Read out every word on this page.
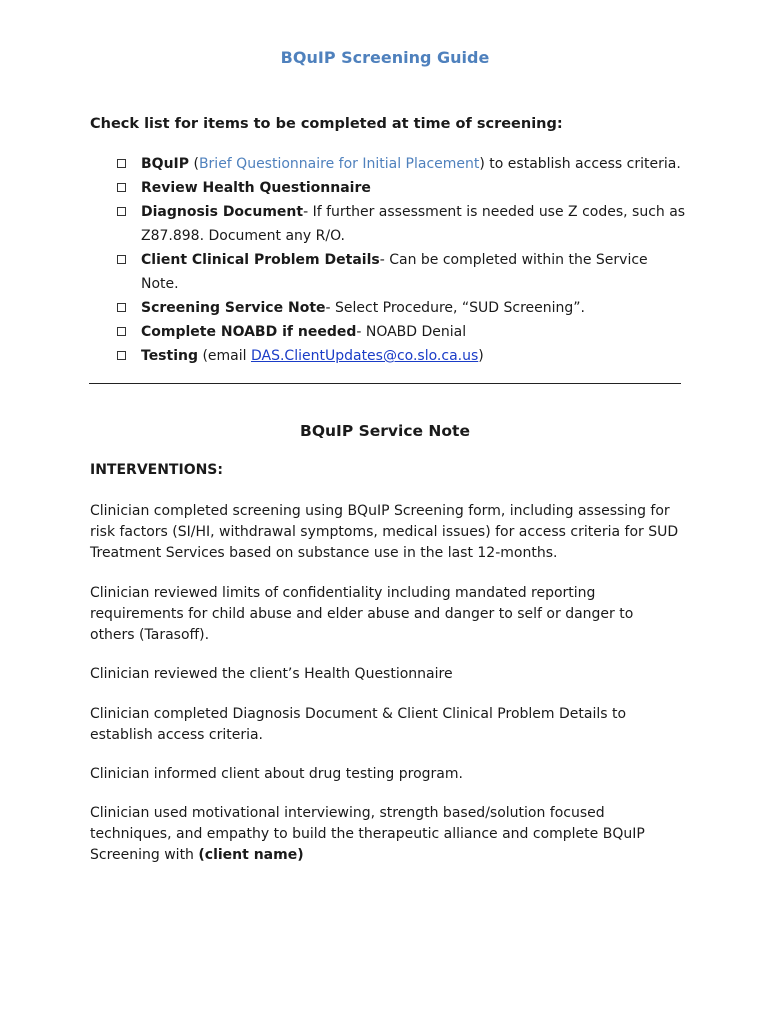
BQuIP Screening Guide
Check list for items to be completed at time of screening:
BQuIP (Brief Questionnaire for Initial Placement) to establish access criteria.
Review Health Questionnaire
Diagnosis Document- If further assessment is needed use Z codes, such as Z87.898. Document any R/O.
Client Clinical Problem Details- Can be completed within the Service Note.
Screening Service Note- Select Procedure, “SUD Screening”.
Complete NOABD if needed- NOABD Denial
Testing (email DAS.ClientUpdates@co.slo.ca.us)
BQuIP Service Note
INTERVENTIONS:

Clinician completed screening using BQuIP Screening form, including assessing for risk factors (SI/HI, withdrawal symptoms, medical issues) for access criteria for SUD Treatment Services based on substance use in the last 12-months.

Clinician reviewed limits of confidentiality including mandated reporting requirements for child abuse and elder abuse and danger to self or danger to others (Tarasoff).

Clinician reviewed the client’s Health Questionnaire

Clinician completed Diagnosis Document & Client Clinical Problem Details to establish access criteria.

Clinician informed client about drug testing program.

Clinician used motivational interviewing, strength based/solution focused techniques, and empathy to build the therapeutic alliance and complete BQuIP Screening with (client name)
